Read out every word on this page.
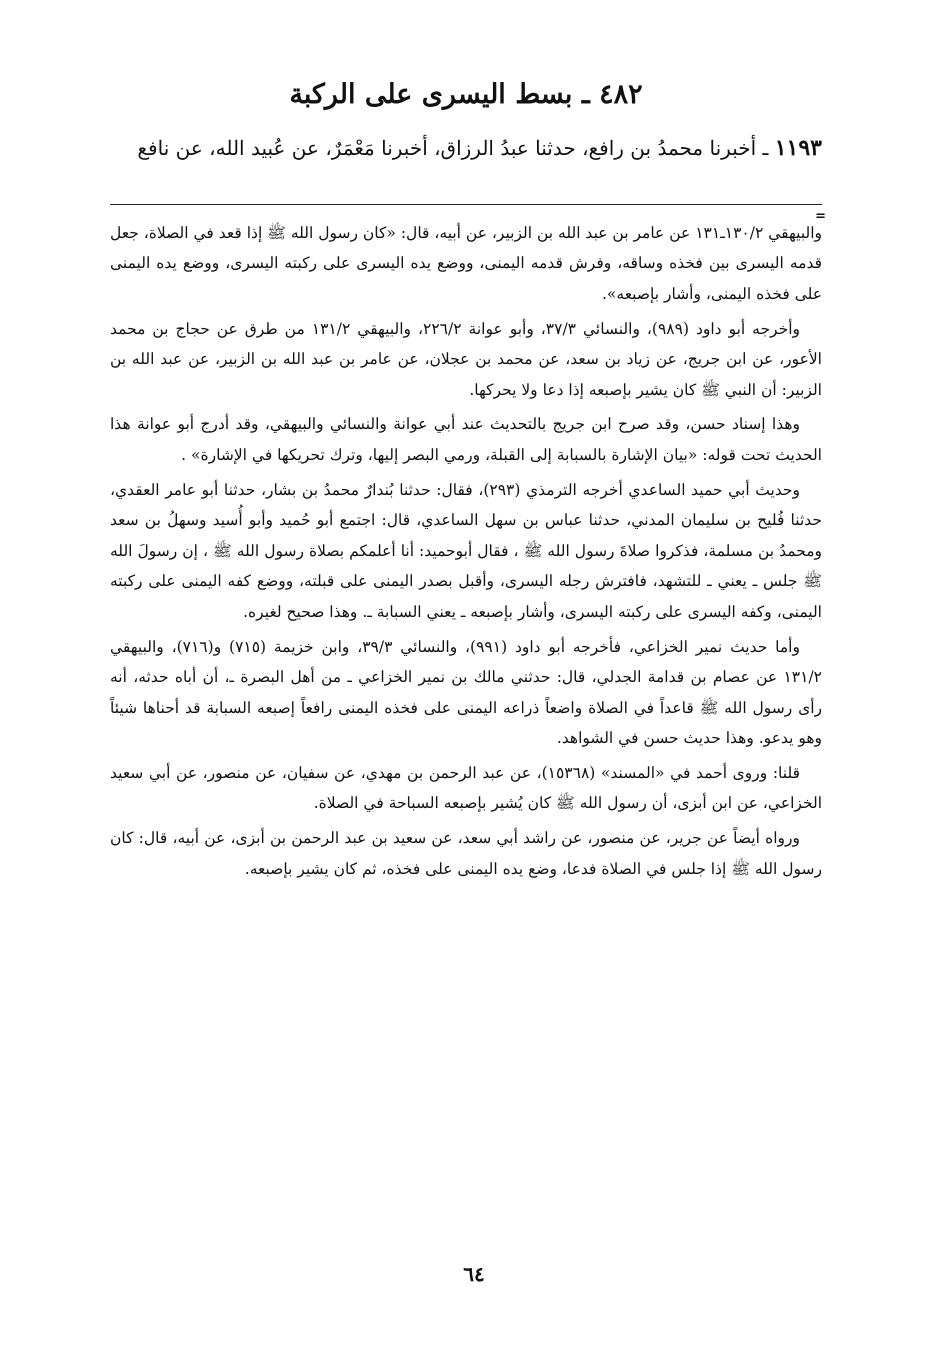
٤٨٢ ـ بسط اليسرى على الركبة

١١٩٣ ـ أخبرنا محمدُ بن رافع، حدثنا عبدُ الرزاق، أخبرنا مَعْمَرٌ، عن عُبيد الله، عن نافع

=

والبيهقي ١٣٠/٢ـ١٣١ عن عامر بن عبد الله بن الزبير، عن أبيه، قال: «كان رسول الله ﷺ إذا قعد في الصلاة، جعل قدمه اليسرى بين فخذه وساقه، وفرش قدمه اليمنى، ووضع يده اليسرى على ركبته اليسرى، ووضع يده اليمنى على فخذه اليمنى، وأشار بإصبعه».

وأخرجه أبو داود (٩٨٩)، والنسائي ٣٧/٣، وأبو عوانة ٢٢٦/٢، والبيهقي ١٣١/٢ من طرق عن حجاج بن محمد الأعور، عن ابن جريج، عن زياد بن سعد، عن محمد بن عجلان، عن عامر بن عبد الله بن الزبير، عن عبد الله بن الزبير: أن النبي ﷺ كان يشير بإصبعه إذا دعا ولا يحركها.

وهذا إسناد حسن، وقد صرح ابن جريج بالتحديث عند أبي عوانة والنسائي والبيهقي، وقد أدرج أبو عوانة هذا الحديث تحت قوله: «بيان الإشارة بالسبابة إلى القبلة، ورمي البصر إليها، وترك تحريكها في الإشارة» .

وحديث أبي حميد الساعدي أخرجه الترمذي (٢٩٣)، فقال: حدثنا بُندارٌ محمدُ بن بشار، حدثنا أبو عامر العقدي، حدثنا فُليح بن سليمان المدني، حدثنا عباس بن سهل الساعدي، قال: اجتمع أبو حُميد وأبو أُسيد وسهلُ بن سعد ومحمدُ بن مسلمة، فذكروا صلاةَ رسول الله ﷺ ، فقال أبوحميد: أنا أعلمكم بصلاة رسول الله ﷺ ، إن رسولَ الله ﷺ جلس ـ يعني ـ للتشهد، فافترش رجله اليسرى، وأقبل بصدر اليمنى على قبلته، ووضع كفه اليمنى على ركبته اليمنى، وكفه اليسرى على ركبته اليسرى، وأشار بإصبعه ـ يعني السبابة ـ. وهذا صحيح لغيره.

وأما حديث نمير الخزاعي، فأخرجه أبو داود (٩٩١)، والنسائي ٣٩/٣، وابن خزيمة (٧١٥) و(٧١٦)، والبيهقي ١٣١/٢ عن عصام بن قدامة الجدلي، قال: حدثني مالك بن نمير الخزاعي ـ من أهل البصرة ـ، أن أباه حدثه، أنه رأى رسول الله ﷺ قاعداً في الصلاة واضعاً ذراعه اليمنى على فخذه اليمنى رافعاً إصبعه السبابة قد أحناها شيئاً وهو يدعو. وهذا حديث حسن في الشواهد.

قلنا: وروى أحمد في «المسند» (١٥٣٦٨)، عن عبد الرحمن بن مهدي، عن سفيان، عن منصور، عن أبي سعيد الخزاعي، عن ابن أبزى، أن رسول الله ﷺ كان يُشير بإصبعه السباحة في الصلاة.

ورواه أيضاً عن جرير، عن منصور، عن راشد أبي سعد، عن سعيد بن عبد الرحمن بن أبزى، عن أبيه، قال: كان رسول الله ﷺ إذا جلس في الصلاة فدعا، وضع يده اليمنى على فخذه، ثم كان يشير بإصبعه.

٦٤
